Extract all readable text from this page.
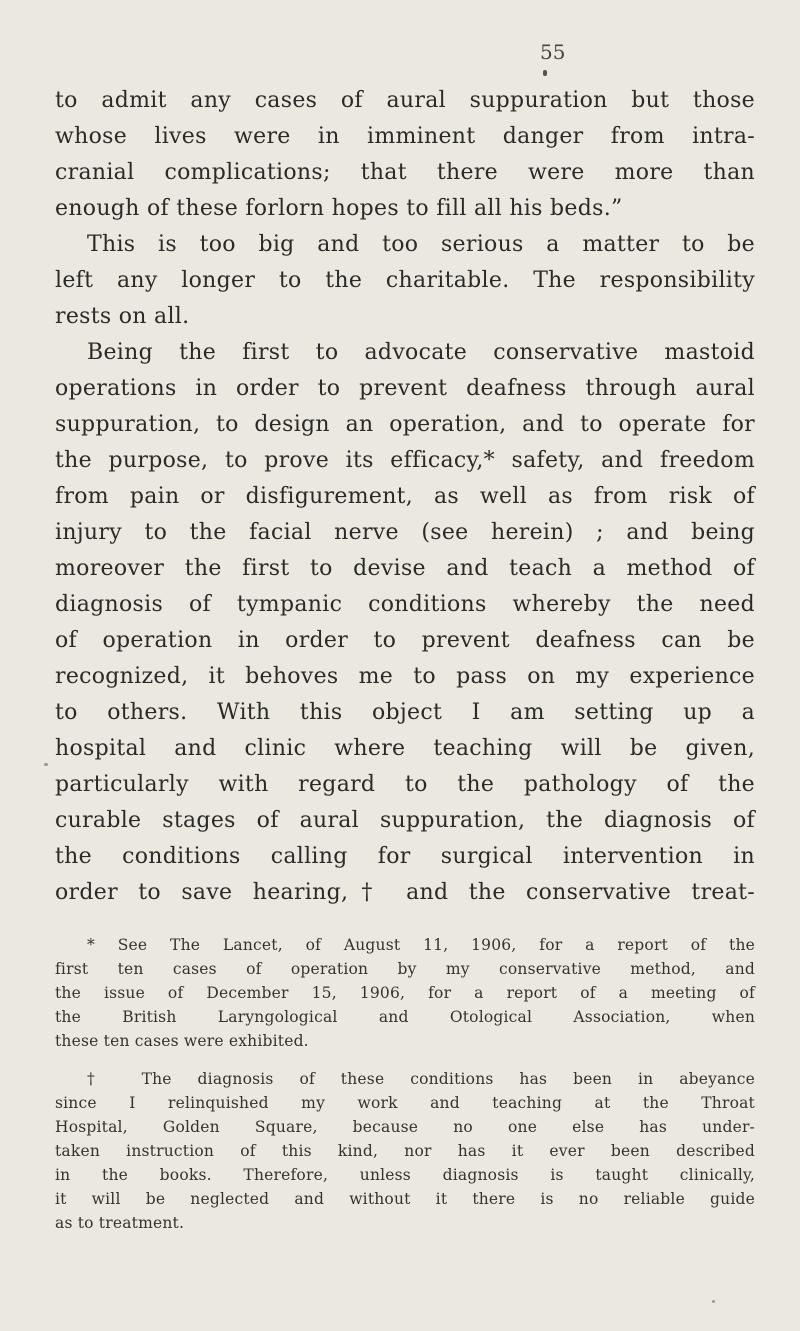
55
to admit any cases of aural suppuration but those
whose lives were in imminent danger from intra-
cranial complications; that there were more than
enough of these forlorn hopes to fill all his beds.”
This is too big and too serious a matter to be
left any longer to the charitable. The responsibility
rests on all.
Being the first to advocate conservative mastoid
operations in order to prevent deafness through aural
suppuration, to design an operation, and to operate for
the purpose, to prove its efficacy,* safety, and freedom
from pain or disfigurement, as well as from risk of
injury to the facial nerve (see herein) ; and being
moreover the first to devise and teach a method of
diagnosis of tympanic conditions whereby the need
of operation in order to prevent deafness can be
recognized, it behoves me to pass on my experience
to others. With this object I am setting up a
hospital and clinic where teaching will be given,
particularly with regard to the pathology of the
curable stages of aural suppuration, the diagnosis of
the conditions calling for surgical intervention in
order to save hearing,† and the conservative treat-
* See The Lancet, of August 11, 1906, for a report of the
first ten cases of operation by my conservative method, and
the issue of December 15, 1906, for a report of a meeting of
the British Laryngological and Otological Association, when
these ten cases were exhibited.
† The diagnosis of these conditions has been in abeyance
since I relinquished my work and teaching at the Throat
Hospital, Golden Square, because no one else has under-
taken instruction of this kind, nor has it ever been described
in the books. Therefore, unless diagnosis is taught clinically,
it will be neglected and without it there is no reliable guide
as to treatment.
